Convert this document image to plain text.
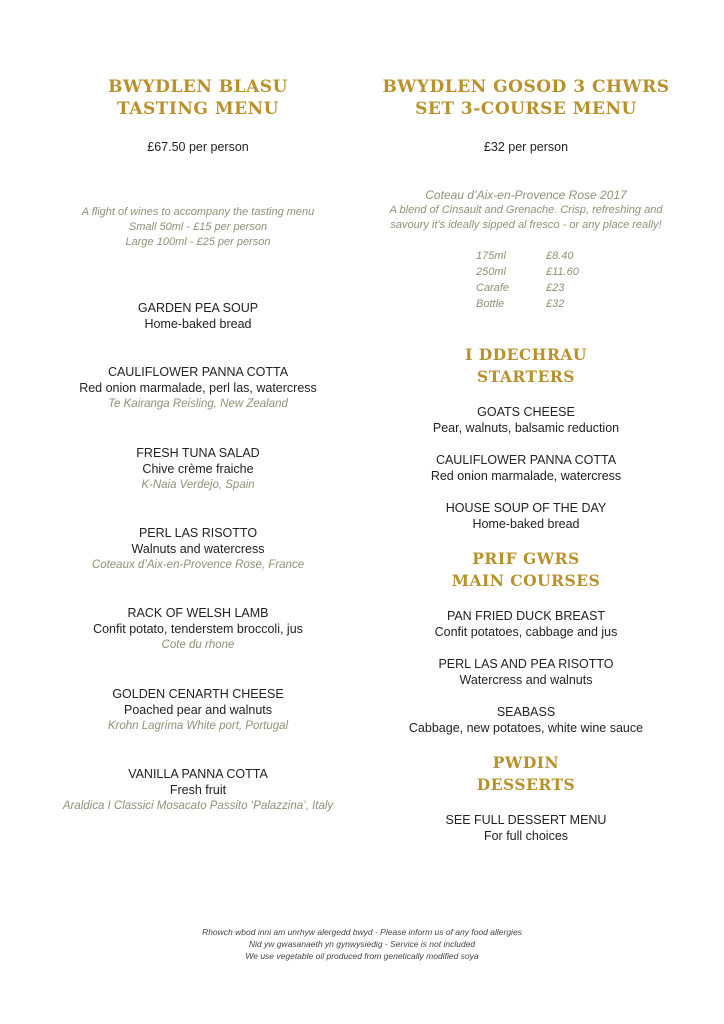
BWYDLEN BLASU
TASTING MENU
£67.50 per person
A flight of wines to accompany the tasting menu
Small 50ml - £15 per person
Large 100ml - £25 per person
GARDEN PEA SOUP
Home-baked bread
CAULIFLOWER PANNA COTTA
Red onion marmalade, perl las, watercress
Te Kairanga Reisling, New Zealand
FRESH TUNA SALAD
Chive crème fraiche
K-Naia Verdejo, Spain
PERL LAS RISOTTO
Walnuts and watercress
Coteaux d’Aix-en-Provence Rose, France
RACK OF WELSH LAMB
Confit potato, tenderstem broccoli, jus
Cote du rhone
GOLDEN CENARTH CHEESE
Poached pear and walnuts
Krohn Lagrima White port, Portugal
VANILLA PANNA COTTA
Fresh fruit
Araldica I Classici Mosacato Passito ‘Palazzina’, Italy
BWYDLEN GOSOD 3 CHWRS
SET 3-COURSE MENU
£32 per person
Coteau d’Aix-en-Provence Rose 2017
A blend of Cinsault and Grenache. Crisp, refreshing and
savoury it’s ideally sipped al fresco - or any place really!
175ml	£8.40
250ml	£11.60
Carafe	£23
Bottle	£32
I DDECHRAU
STARTERS
GOATS CHEESE
Pear, walnuts, balsamic reduction
CAULIFLOWER PANNA COTTA
Red onion marmalade, watercress
HOUSE SOUP OF THE DAY
Home-baked bread
PRIF GWRS
MAIN COURSES
PAN FRIED DUCK BREAST
Confit potatoes, cabbage and jus
PERL LAS AND PEA RISOTTO
Watercress and walnuts
SEABASS
Cabbage, new potatoes, white wine sauce
PWDIN
DESSERTS
SEE FULL DESSERT MENU
For full choices
Rhowch wbod inni am unrhyw alergedd bwyd - Please inform us of any food allergies
Nid yw gwasanaeth yn gynwysiedig - Service is not included
We use vegetable oil produced from genetically modified soya
